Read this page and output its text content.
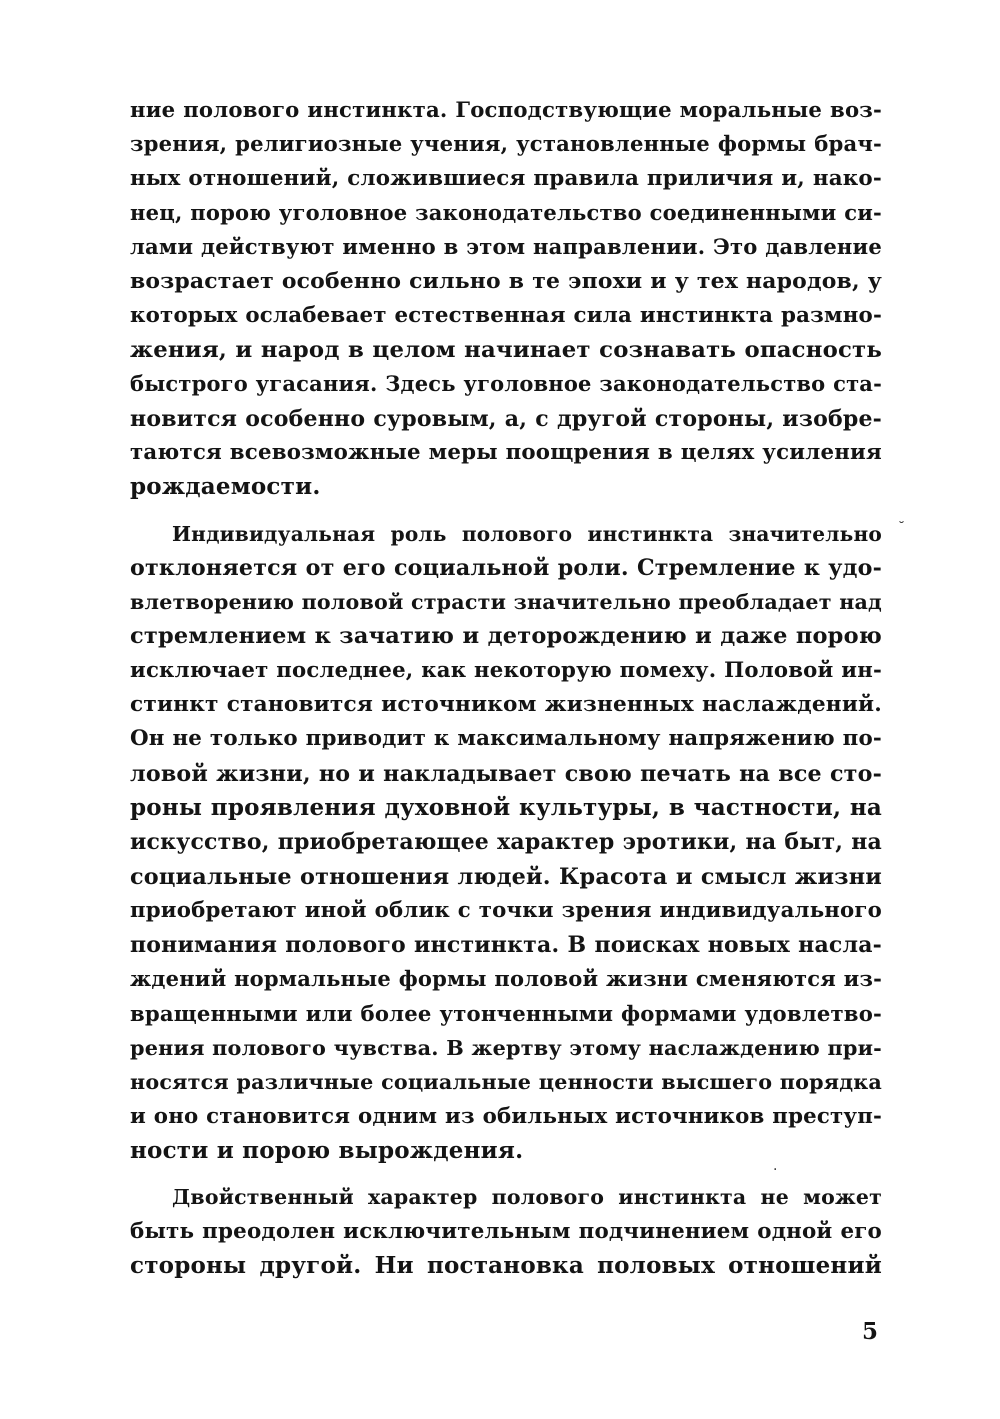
ние полового инстинкта. Господствующие моральные воз-
зрения, религиозные учения, установленные формы брач-
ных отношений, сложившиеся правила приличия и, нако-
нец, порою уголовное законодательство соединенными си-
лами действуют именно в этом направлении. Это давление
возрастает особенно сильно в те эпохи и у тех народов, у
которых ослабевает естественная сила инстинкта размно-
жения, и народ в целом начинает сознавать опасность
быстрого угасания. Здесь уголовное законодательство ста-
новится особенно суровым, а, с другой стороны, изобре-
таются всевозможные меры поощрения в целях усиления
рождаемости.
Индивидуальная роль полового инстинкта значительно
отклоняется от его социальной роли. Стремление к удо-
влетворению половой страсти значительно преобладает над
стремлением к зачатию и деторождению и даже порою
исключает последнее, как некоторую помеху. Половой ин-
стинкт становится источником жизненных наслаждений.
Он не только приводит к максимальному напряжению по-
ловой жизни, но и накладывает свою печать на все сто-
роны проявления духовной культуры, в частности, на
искусство, приобретающее характер эротики, на быт, на
социальные отношения людей. Красота и смысл жизни
приобретают иной облик с точки зрения индивидуального
понимания полового инстинкта. В поисках новых насла-
ждений нормальные формы половой жизни сменяются из-
вращенными или более утонченными формами удовлетво-
рения полового чувства. В жертву этому наслаждению при-
носятся различные социальные ценности высшего порядка
и оно становится одним из обильных источников преступ-
ности и порою вырождения.
Двойственный характер полового инстинкта не может
быть преодолен исключительным подчинением одной его
стороны другой. Ни постановка половых отношений
˘
·
5
